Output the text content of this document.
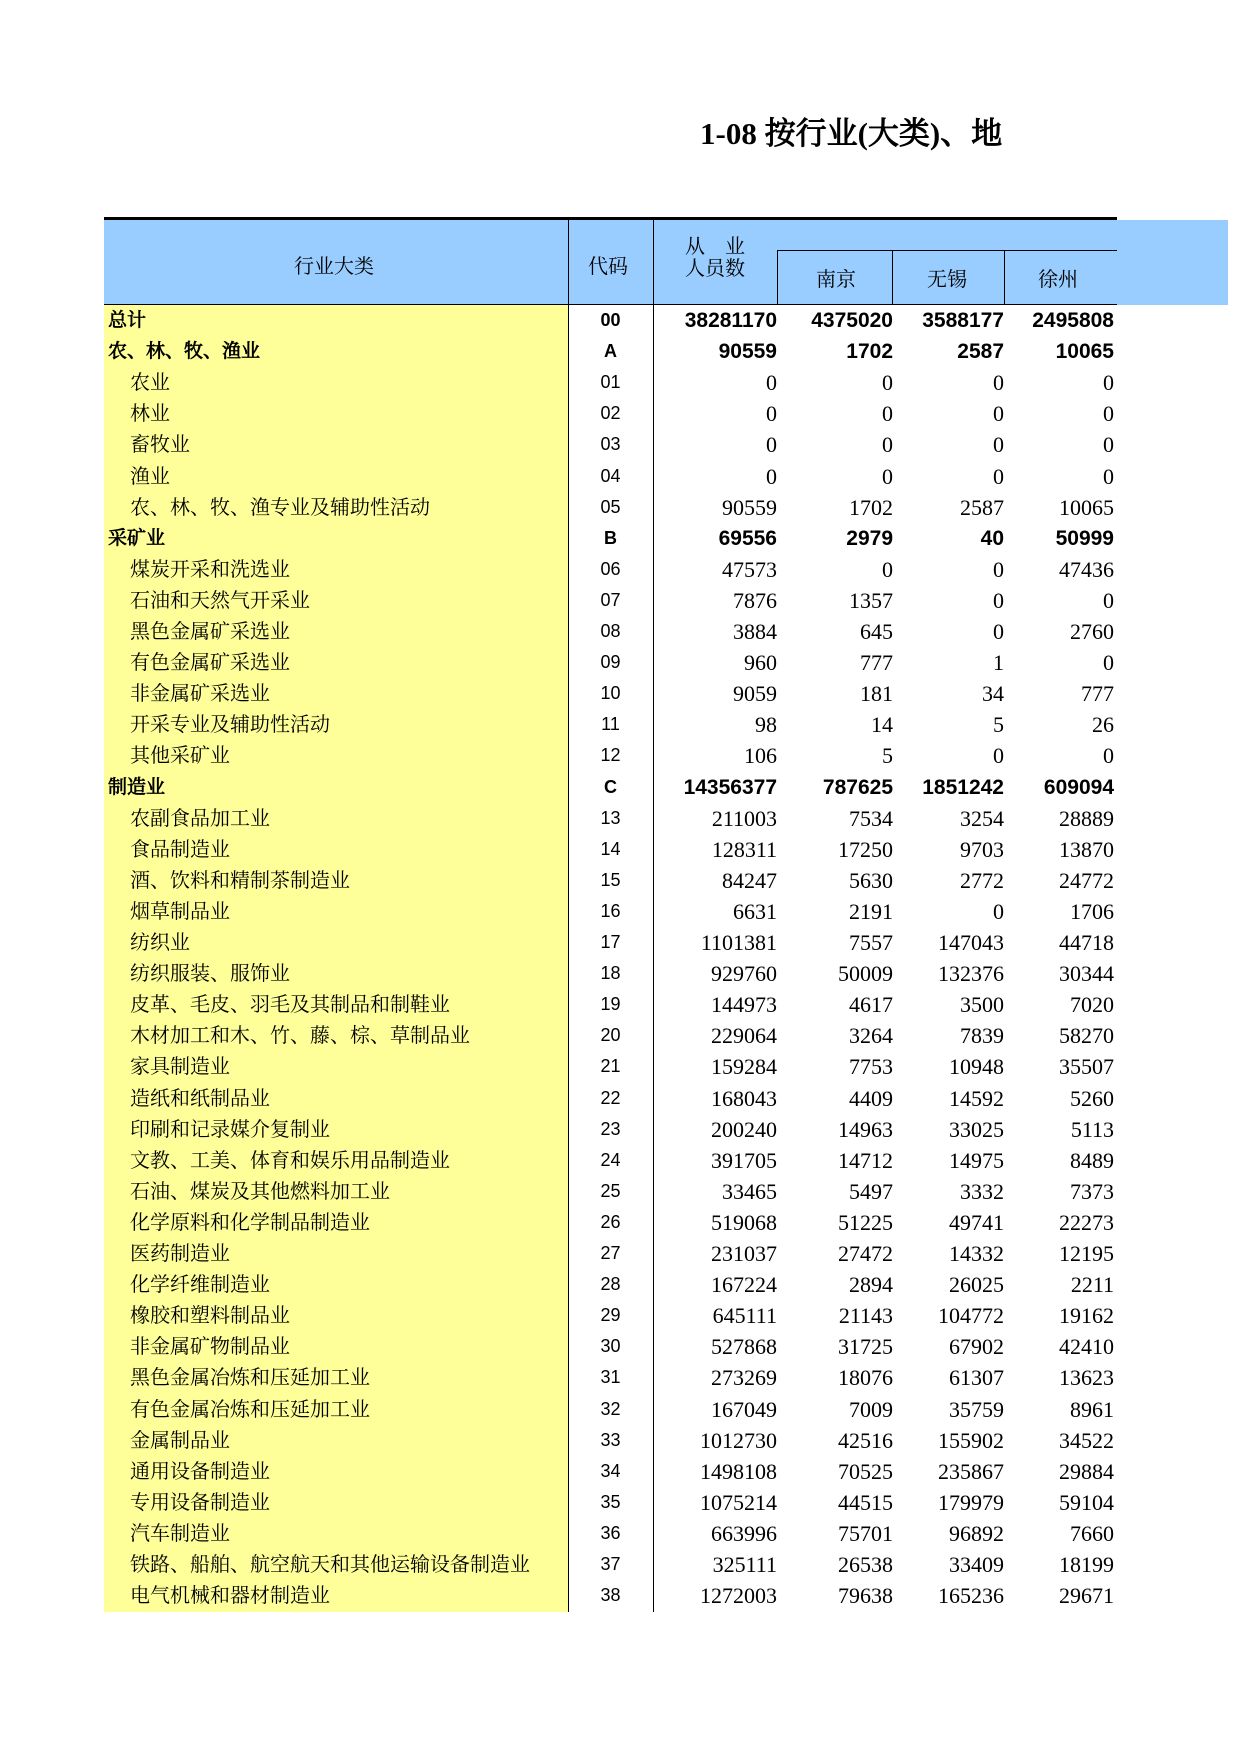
1-08 按行业(大类)、地
行业大类	代码
从　业
人员数	南京	无锡	徐州
总计	00	38281170	4375020	3588177	2495808
农、林、牧、渔业	A	90559	1702	2587	10065
农业	01	0	0	0	0
林业	02	0	0	0	0
畜牧业	03	0	0	0	0
渔业	04	0	0	0	0
农、林、牧、渔专业及辅助性活动	05	90559	1702	2587	10065
采矿业	B	69556	2979	40	50999
煤炭开采和洗选业	06	47573	0	0	47436
石油和天然气开采业	07	7876	1357	0	0
黑色金属矿采选业	08	3884	645	0	2760
有色金属矿采选业	09	960	777	1	0
非金属矿采选业	10	9059	181	34	777
开采专业及辅助性活动	11	98	14	5	26
其他采矿业	12	106	5	0	0
制造业	C	14356377	787625	1851242	609094
农副食品加工业	13	211003	7534	3254	28889
食品制造业	14	128311	17250	9703	13870
酒、饮料和精制茶制造业	15	84247	5630	2772	24772
烟草制品业	16	6631	2191	0	1706
纺织业	17	1101381	7557	147043	44718
纺织服装、服饰业	18	929760	50009	132376	30344
皮革、毛皮、羽毛及其制品和制鞋业	19	144973	4617	3500	7020
木材加工和木、竹、藤、棕、草制品业	20	229064	3264	7839	58270
家具制造业	21	159284	7753	10948	35507
造纸和纸制品业	22	168043	4409	14592	5260
印刷和记录媒介复制业	23	200240	14963	33025	5113
文教、工美、体育和娱乐用品制造业	24	391705	14712	14975	8489
石油、煤炭及其他燃料加工业	25	33465	5497	3332	7373
化学原料和化学制品制造业	26	519068	51225	49741	22273
医药制造业	27	231037	27472	14332	12195
化学纤维制造业	28	167224	2894	26025	2211
橡胶和塑料制品业	29	645111	21143	104772	19162
非金属矿物制品业	30	527868	31725	67902	42410
黑色金属冶炼和压延加工业	31	273269	18076	61307	13623
有色金属冶炼和压延加工业	32	167049	7009	35759	8961
金属制品业	33	1012730	42516	155902	34522
通用设备制造业	34	1498108	70525	235867	29884
专用设备制造业	35	1075214	44515	179979	59104
汽车制造业	36	663996	75701	96892	7660
铁路、船舶、航空航天和其他运输设备制造业	37	325111	26538	33409	18199
电气机械和器材制造业	38	1272003	79638	165236	29671
